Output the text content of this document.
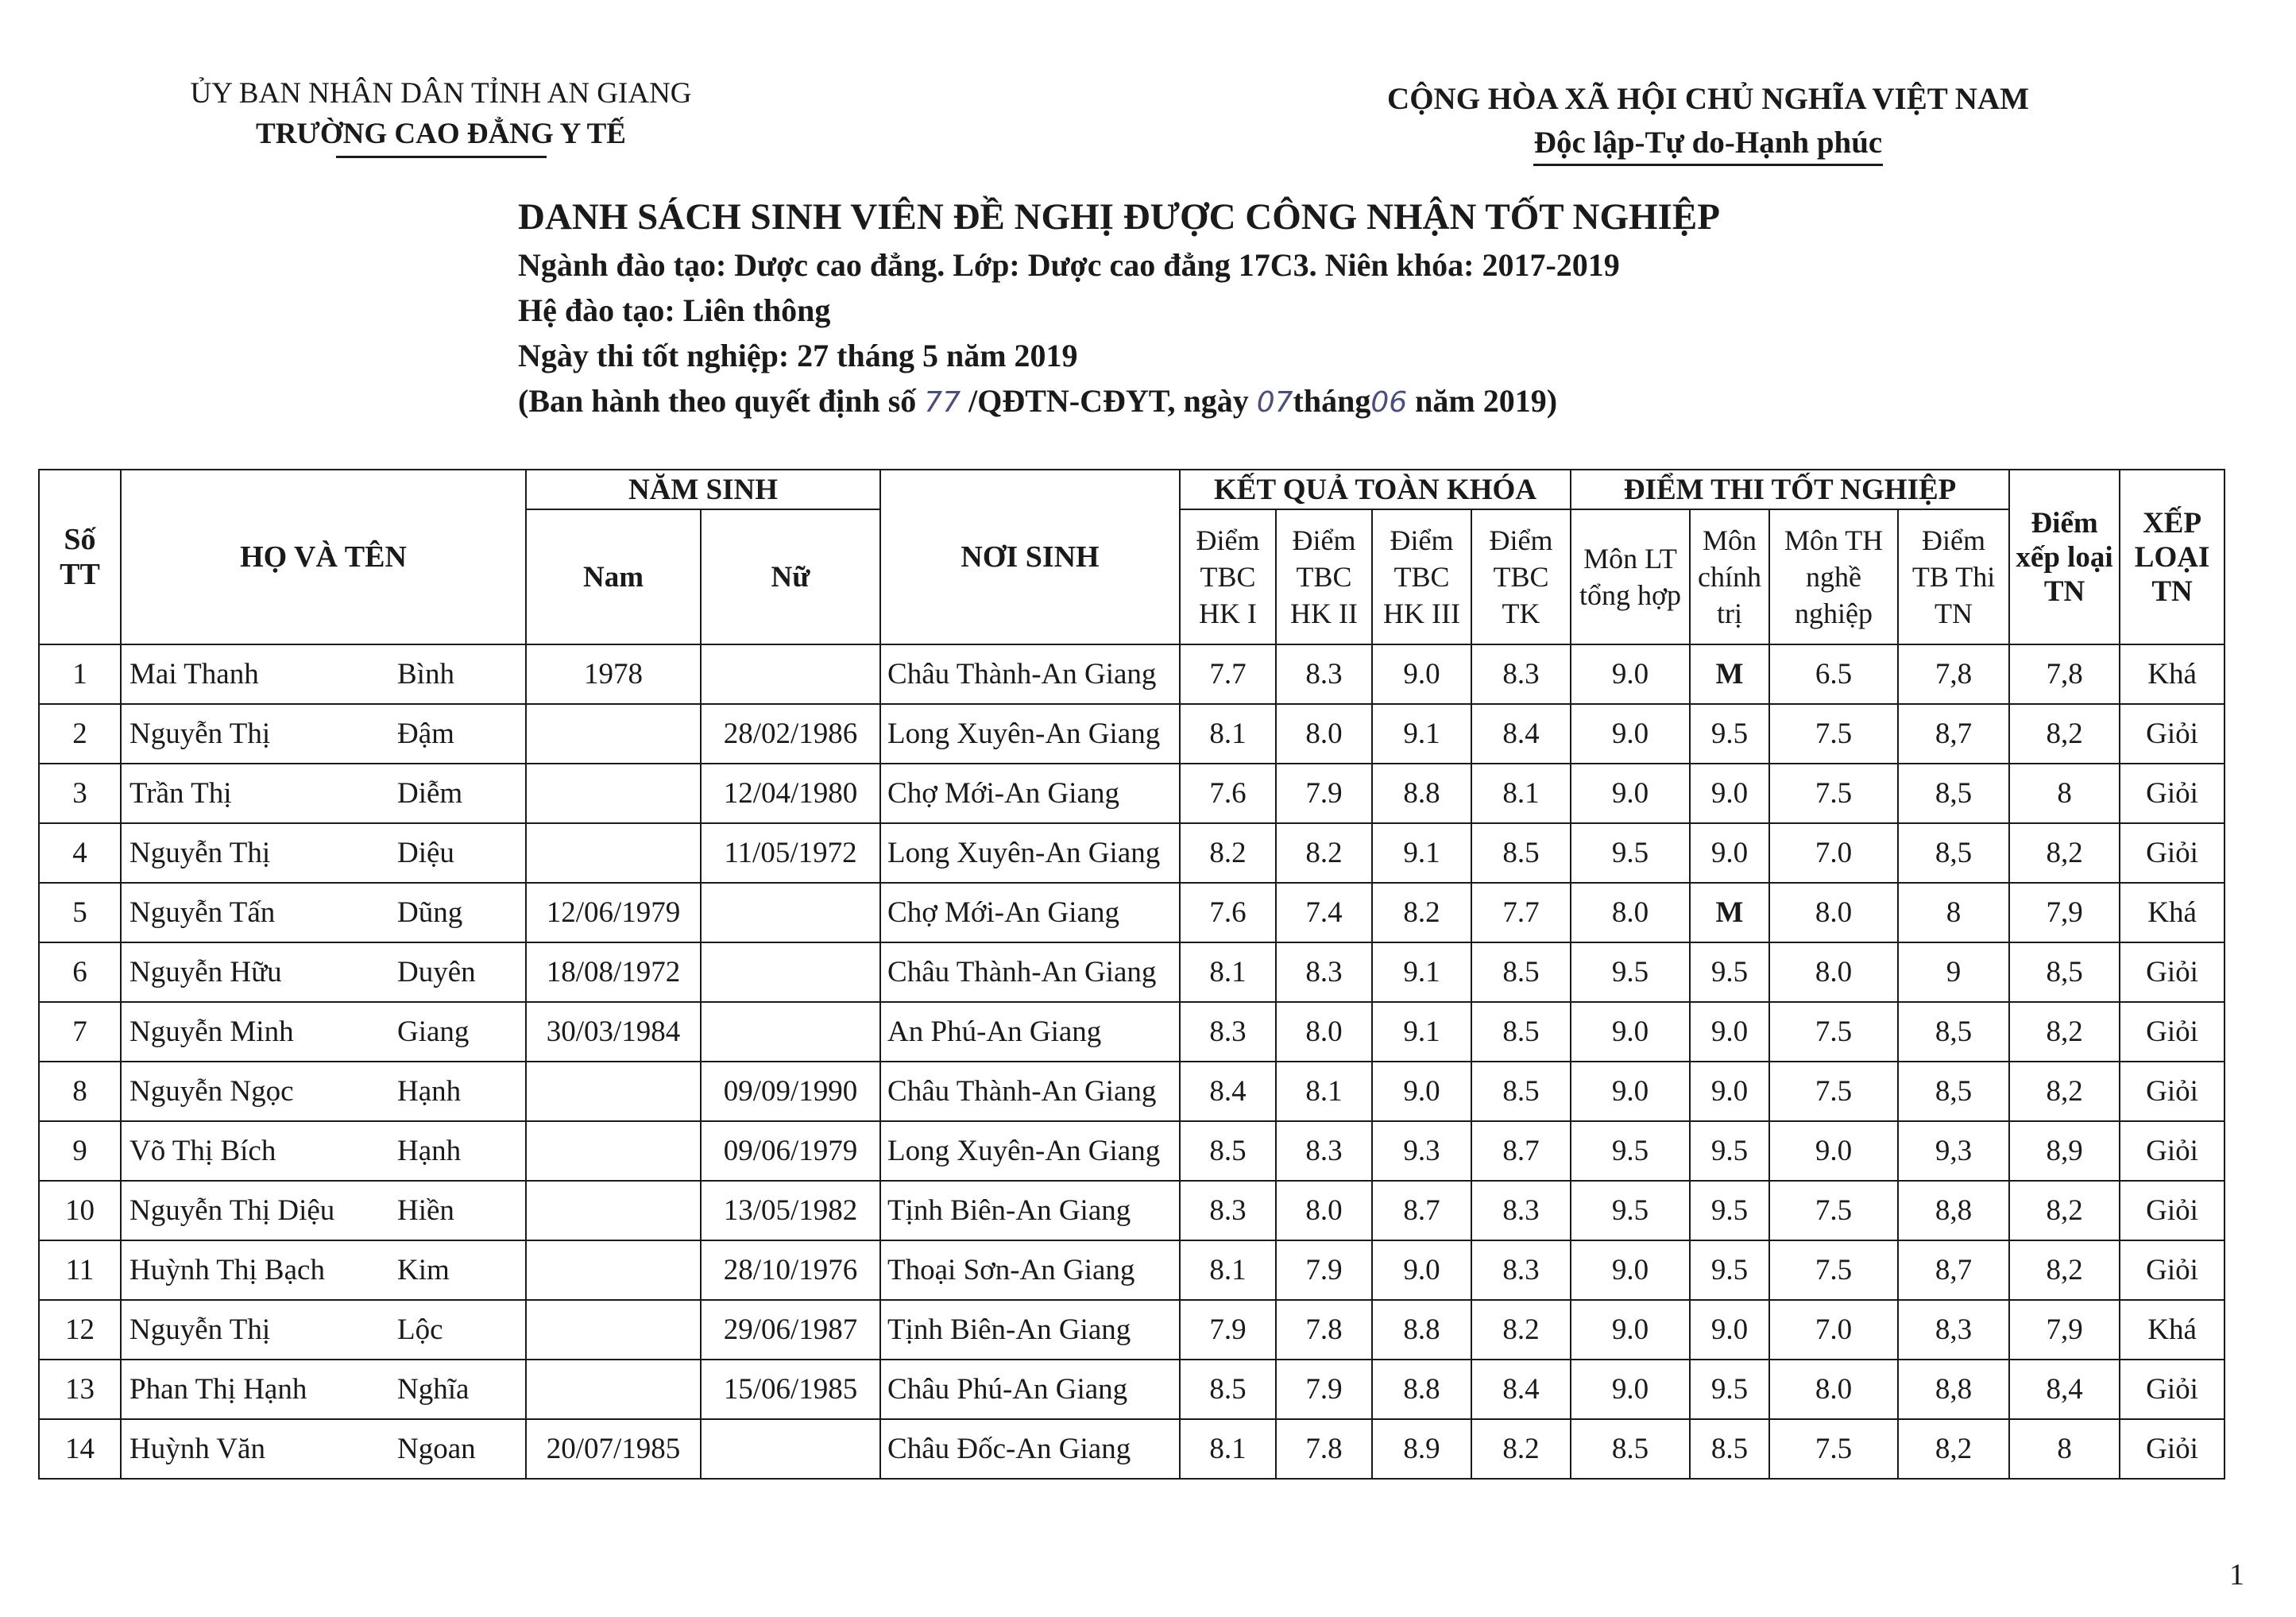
ỦY BAN NHÂN DÂN TỈNH AN GIANG
TRƯỜNG CAO ĐẲNG Y TẾ
CỘNG HÒA XÃ HỘI CHỦ NGHĨA VIỆT NAM
Độc lập-Tự do-Hạnh phúc
DANH SÁCH SINH VIÊN ĐỀ NGHỊ ĐƯỢC CÔNG NHẬN TỐT NGHIỆP
Ngành đào tạo: Dược cao đẳng. Lớp: Dược cao đẳng 17C3. Niên khóa: 2017-2019
Hệ đào tạo: Liên thông
Ngày thi tốt nghiệp: 27 tháng 5 năm 2019
(Ban hành theo quyết định số 77 /QĐTN-CĐYT, ngày 07tháng06 năm 2019)
Số TT	HỌ VÀ TÊN		NĂM SINH		NƠI SINH	KẾT QUẢ TOÀN KHÓA				ĐIỂM THI TỐT NGHIỆP				Điểm xếp loại TN	XẾP LOẠI TN
			Nam	Nữ		Điểm TBC HK I	Điểm TBC HK II	Điểm TBC HK III	Điểm TBC TK	Môn LT tổng hợp	Môn chính trị	Môn TH nghề nghiệp	Điểm TB Thi TN		
1	Mai Thanh	Bình	1978		Châu Thành-An Giang	7.7	8.3	9.0	8.3	9.0	M	6.5	7,8	7,8	Khá
2	Nguyễn Thị	Đậm		28/02/1986	Long Xuyên-An Giang	8.1	8.0	9.1	8.4	9.0	9.5	7.5	8,7	8,2	Giỏi
3	Trần Thị	Diễm		12/04/1980	Chợ Mới-An Giang	7.6	7.9	8.8	8.1	9.0	9.0	7.5	8,5	8	Giỏi
4	Nguyễn Thị	Diệu		11/05/1972	Long Xuyên-An Giang	8.2	8.2	9.1	8.5	9.5	9.0	7.0	8,5	8,2	Giỏi
5	Nguyễn Tấn	Dũng	12/06/1979		Chợ Mới-An Giang	7.6	7.4	8.2	7.7	8.0	M	8.0	8	7,9	Khá
6	Nguyễn Hữu	Duyên	18/08/1972		Châu Thành-An Giang	8.1	8.3	9.1	8.5	9.5	9.5	8.0	9	8,5	Giỏi
7	Nguyễn Minh	Giang	30/03/1984		An Phú-An Giang	8.3	8.0	9.1	8.5	9.0	9.0	7.5	8,5	8,2	Giỏi
8	Nguyễn Ngọc	Hạnh		09/09/1990	Châu Thành-An Giang	8.4	8.1	9.0	8.5	9.0	9.0	7.5	8,5	8,2	Giỏi
9	Võ Thị Bích	Hạnh		09/06/1979	Long Xuyên-An Giang	8.5	8.3	9.3	8.7	9.5	9.5	9.0	9,3	8,9	Giỏi
10	Nguyễn Thị Diệu	Hiền		13/05/1982	Tịnh Biên-An Giang	8.3	8.0	8.7	8.3	9.5	9.5	7.5	8,8	8,2	Giỏi
11	Huỳnh Thị Bạch	Kim		28/10/1976	Thoại Sơn-An Giang	8.1	7.9	9.0	8.3	9.0	9.5	7.5	8,7	8,2	Giỏi
12	Nguyễn Thị	Lộc		29/06/1987	Tịnh Biên-An Giang	7.9	7.8	8.8	8.2	9.0	9.0	7.0	8,3	7,9	Khá
13	Phan Thị Hạnh	Nghĩa		15/06/1985	Châu Phú-An Giang	8.5	7.9	8.8	8.4	9.0	9.5	8.0	8,8	8,4	Giỏi
14	Huỳnh Văn	Ngoan	20/07/1985		Châu Đốc-An Giang	8.1	7.8	8.9	8.2	8.5	8.5	7.5	8,2	8	Giỏi
1
